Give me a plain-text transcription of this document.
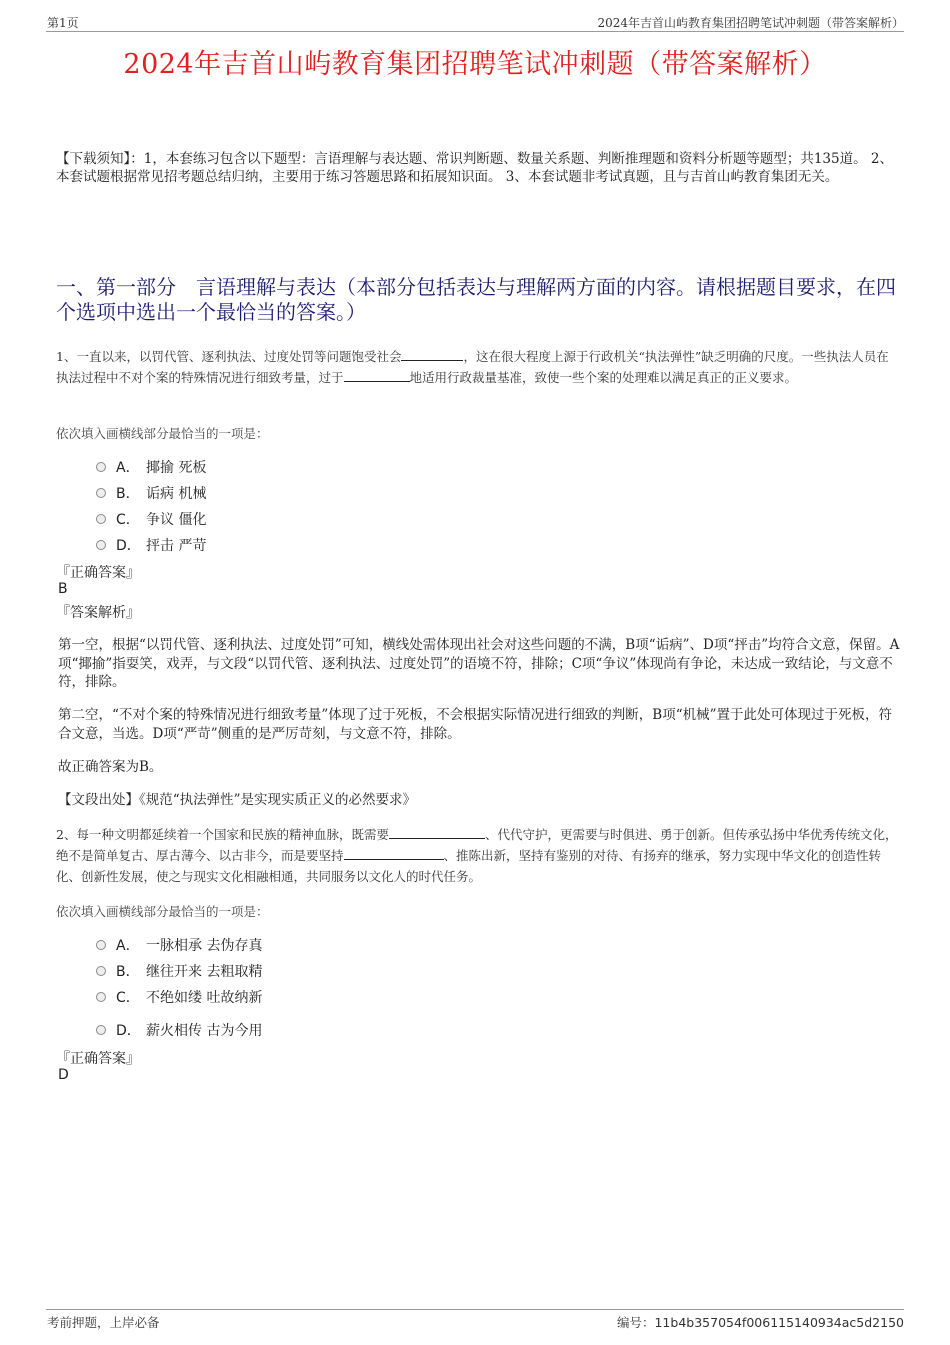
第1页	2024年吉首山屿教育集团招聘笔试冲刺题（带答案解析）
2024年吉首山屿教育集团招聘笔试冲刺题（带答案解析）
【下载须知】：1，本套练习包含以下题型：言语理解与表达题、常识判断题、数量关系题、判断推理题和资料分析题等题型；共135道。 2、本套试题根据常见招考题总结归纳，主要用于练习答题思路和拓展知识面。 3、本套试题非考试真题，且与吉首山屿教育集团无关。
一、第一部分　言语理解与表达（本部分包括表达与理解两方面的内容。请根据题目要求，在四个选项中选出一个最恰当的答案。）
1、一直以来，以罚代管、逐利执法、过度处罚等问题饱受社会	，这在很大程度上源于行政机关“执法弹性”缺乏明确的尺度。一些执法人员在执法过程中不对个案的特殊情况进行细致考量，过于	地适用行政裁量基准，致使一些个案的处理难以满足真正的正义要求。
依次填入画横线部分最恰当的一项是：
A． 揶揄 死板
B． 诟病 机械
C． 争议 僵化
D． 抨击 严苛
『正确答案』
B
『答案解析』
第一空，根据“以罚代管、逐利执法、过度处罚”可知，横线处需体现出社会对这些问题的不满，B项“诟病”、D项“抨击”均符合文意，保留。A项“揶揄”指耍笑，戏弄，与文段“以罚代管、逐利执法、过度处罚”的语境不符，排除；C项“争议”体现尚有争论，未达成一致结论，与文意不符，排除。
第二空，“不对个案的特殊情况进行细致考量”体现了过于死板，不会根据实际情况进行细致的判断，B项“机械”置于此处可体现过于死板，符合文意，当选。D项“严苛”侧重的是严厉苛刻，与文意不符，排除。
故正确答案为B。
【文段出处】《规范“执法弹性”是实现实质正义的必然要求》
2、每一种文明都延续着一个国家和民族的精神血脉，既需要	、代代守护，更需要与时俱进、勇于创新。但传承弘扬中华优秀传统文化，绝不是简单复古、厚古薄今、以古非今，而是要坚持	、推陈出新，坚持有鉴别的对待、有扬弃的继承，努力实现中华文化的创造性转化、创新性发展，使之与现实文化相融相通，共同服务以文化人的时代任务。
依次填入画横线部分最恰当的一项是：
A． 一脉相承 去伪存真
B． 继往开来 去粗取精
C． 不绝如缕 吐故纳新
D． 薪火相传 古为今用
『正确答案』
D
考前押题，上岸必备	编号：11b4b357054f006115140934ac5d2150
